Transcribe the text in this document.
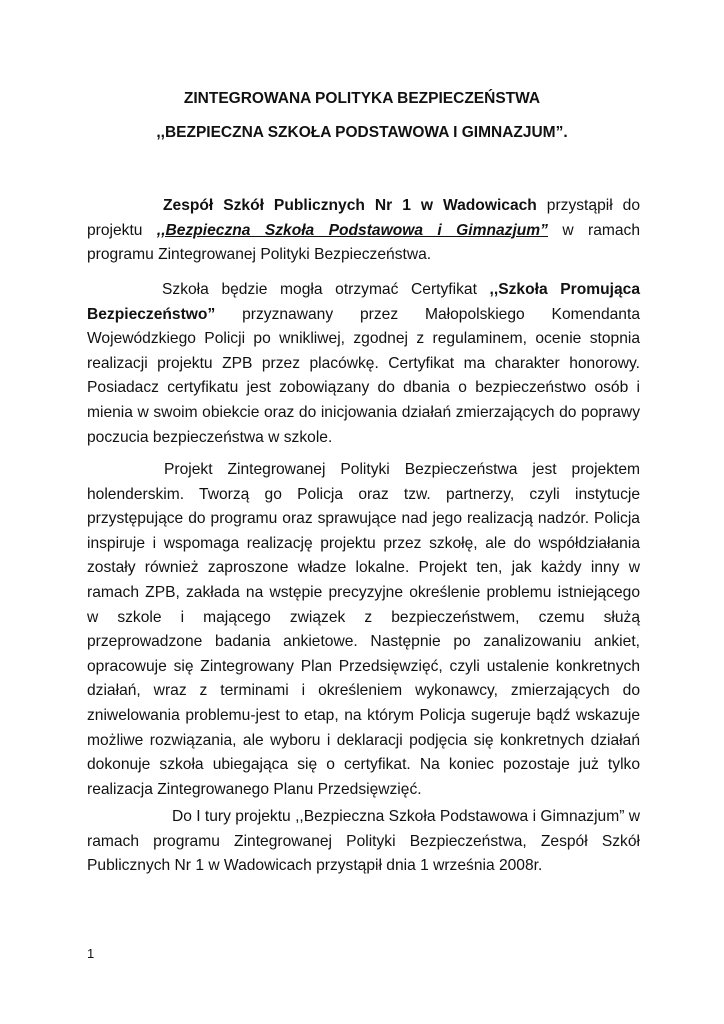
ZINTEGROWANA POLITYKA BEZPIECZEŃSTWA
,,BEZPIECZNA SZKOŁA PODSTAWOWA I GIMNAZJUM”.

Zespół Szkół Publicznych Nr 1 w Wadowicach przystąpił do projektu ,,Bezpieczna Szkoła Podstawowa i Gimnazjum” w ramach programu Zintegrowanej Polityki Bezpieczeństwa.

Szkoła będzie mogła otrzymać Certyfikat ,,Szkoła Promująca Bezpieczeństwo” przyznawany przez Małopolskiego Komendanta Wojewódzkiego Policji po wnikliwej, zgodnej z regulaminem, ocenie stopnia realizacji projektu ZPB przez placówkę. Certyfikat ma charakter honorowy. Posiadacz certyfikatu jest zobowiązany do dbania o bezpieczeństwo osób i mienia w swoim obiekcie oraz do inicjowania działań zmierzających do poprawy poczucia bezpieczeństwa w szkole.

Projekt Zintegrowanej Polityki Bezpieczeństwa jest projektem holenderskim. Tworzą go Policja oraz tzw. partnerzy, czyli instytucje przystępujące do programu oraz sprawujące nad jego realizacją nadzór. Policja inspiruje i wspomaga realizację projektu przez szkołę, ale do współdziałania zostały również zaproszone władze lokalne. Projekt ten, jak każdy inny w ramach ZPB, zakłada na wstępie precyzyjne określenie problemu istniejącego w szkole i mającego związek z bezpieczeństwem, czemu służą przeprowadzone badania ankietowe. Następnie po zanalizowaniu ankiet, opracowuje się Zintegrowany Plan Przedsięwzięć, czyli ustalenie konkretnych działań, wraz z terminami i określeniem wykonawcy, zmierzających do zniwelowania problemu-jest to etap, na którym Policja sugeruje bądź wskazuje możliwe rozwiązania, ale wyboru i deklaracji podjęcia się konkretnych działań dokonuje szkoła ubiegająca się o certyfikat. Na koniec pozostaje już tylko realizacja Zintegrowanego Planu Przedsięwzięć.

Do I tury projektu ,,Bezpieczna Szkoła Podstawowa i Gimnazjum” w ramach programu Zintegrowanej Polityki Bezpieczeństwa, Zespół Szkół Publicznych Nr 1 w Wadowicach przystąpił dnia 1 września 2008r.

1
